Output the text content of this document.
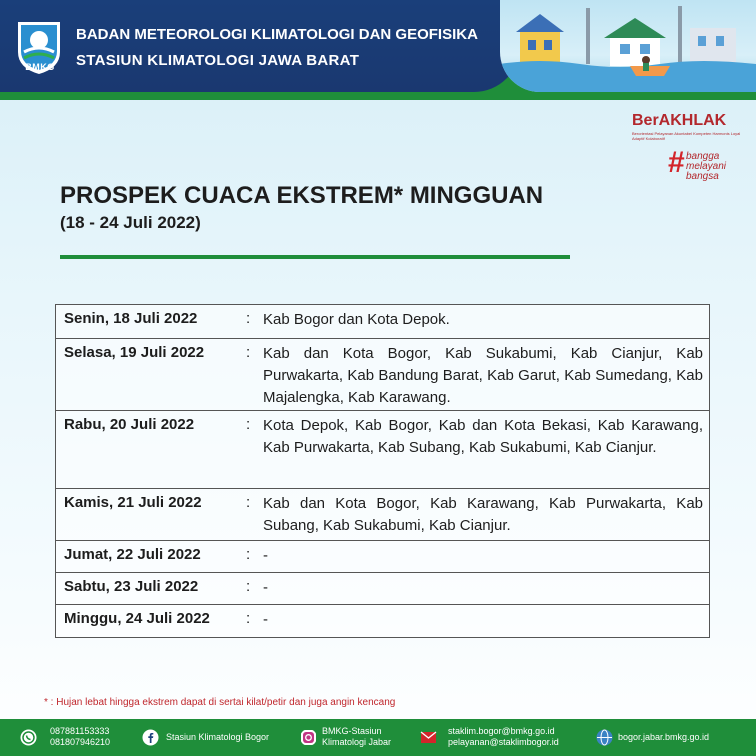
BMKG
BADAN METEOROLOGI KLIMATOLOGI DAN GEOFISIKA
STASIUN KLIMATOLOGI JAWA BARAT
BerAKHLAK
Berorientasi Pelayanan Akuntabel Kompeten Harmonis Loyal Adaptif Kolaboratif
# bangga
melayani
bangsa
PROSPEK CUACA EKSTREM* MINGGUAN
(18 - 24 Juli 2022)
Senin, 18 Juli 2022	: Kab Bogor dan Kota Depok.
Selasa, 19 Juli 2022	: Kab dan Kota Bogor, Kab Sukabumi, Kab Cianjur, Kab Purwakarta, Kab Bandung Barat, Kab Garut, Kab Sumedang, Kab Majalengka, Kab Karawang.
Rabu, 20 Juli 2022	: Kota Depok, Kab Bogor, Kab dan Kota Bekasi, Kab Karawang, Kab Purwakarta, Kab Subang, Kab Sukabumi, Kab Cianjur.
Kamis, 21 Juli 2022	: Kab dan Kota Bogor, Kab Karawang, Kab Purwakarta, Kab Subang, Kab Sukabumi, Kab Cianjur.
Jumat, 22 Juli 2022	: -
Sabtu, 23 Juli 2022	: -
Minggu, 24 Juli 2022 : -
* : Hujan lebat hingga ekstrem dapat di sertai kilat/petir dan juga angin kencang
087881153333
081807946210	Stasiun Klimatologi Bogor
BMKG-Stasiun
Klimatologi Jabar
staklim.bogor@bmkg.go.id
pelayanan@staklimbogor.id	bogor.jabar.bmkg.go.id
